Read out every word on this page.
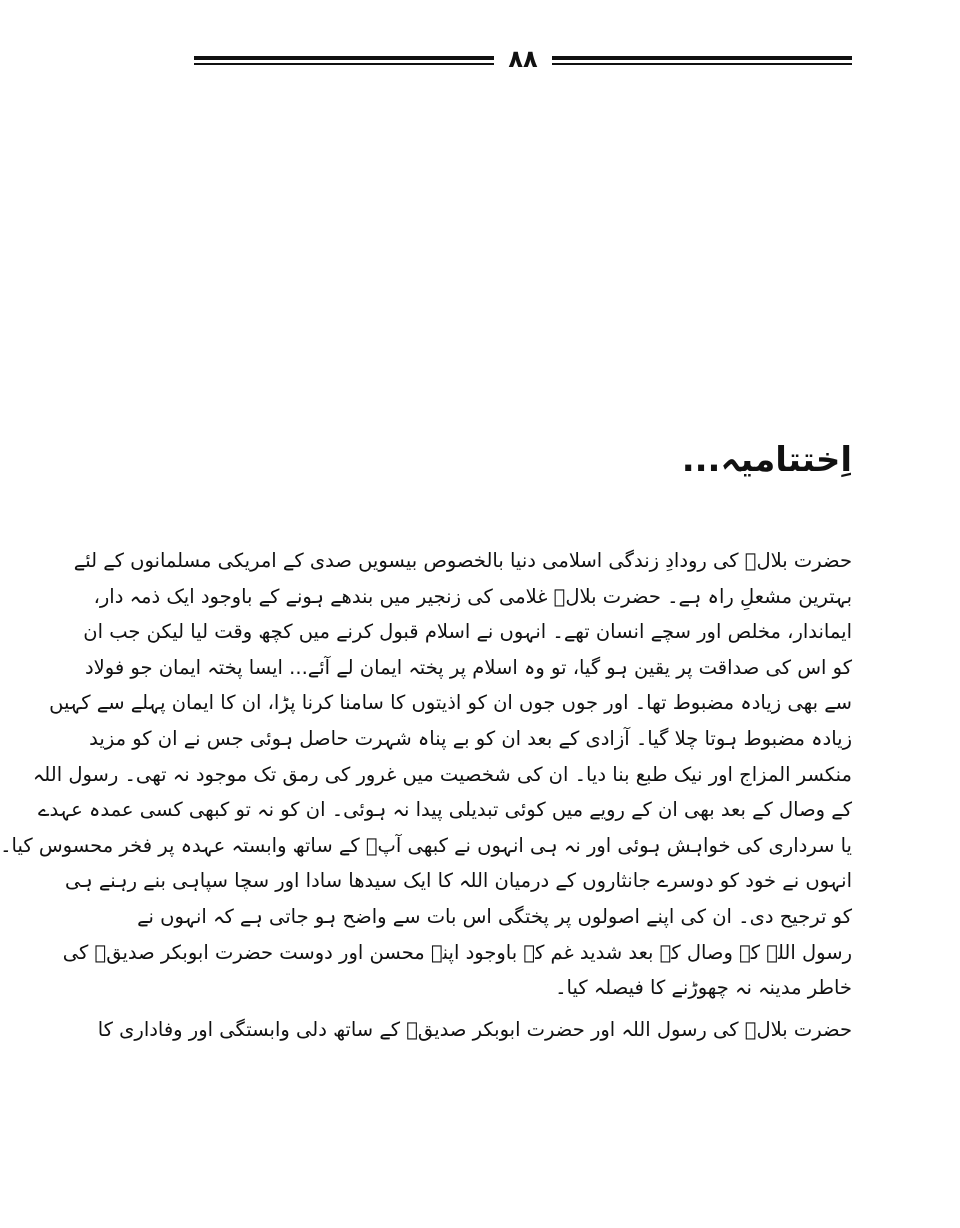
۸۸
اِختتامیہ...
حضرت بلالؓ کی رودادِ زندگی اسلامی دنیا بالخصوص بیسویں صدی کے امریکی مسلمانوں کے لئے
بہترین مشعلِ راہ ہے۔ حضرت بلالؓ غلامی کی زنجیر میں بندھے ہونے کے باوجود ایک ذمہ دار،
ایماندار، مخلص اور سچے انسان تھے۔ انہوں نے اسلام قبول کرنے میں کچھ وقت لیا لیکن جب ان
کو اس کی صداقت پر یقین ہو گیا، تو وہ اسلام پر پختہ ایمان لے آئے... ایسا پختہ ایمان جو فولاد
سے بھی زیادہ مضبوط تھا۔ اور جوں جوں ان کو اذیتوں کا سامنا کرنا پڑا، ان کا ایمان پہلے سے کہیں
زیادہ مضبوط ہوتا چلا گیا۔ آزادی کے بعد ان کو بے پناہ شہرت حاصل ہوئی جس نے ان کو مزید
منکسر المزاج اور نیک طبع بنا دیا۔ ان کی شخصیت میں غرور کی رمق تک موجود نہ تھی۔ رسول اللہ
کے وصال کے بعد بھی ان کے رویے میں کوئی تبدیلی پیدا نہ ہوئی۔ ان کو نہ تو کبھی کسی عمدہ عہدے
یا سرداری کی خواہش ہوئی اور نہ ہی انہوں نے کبھی آپؐ کے ساتھ وابستہ عہدہ پر فخر محسوس کیا۔
انہوں نے خود کو دوسرے جانثاروں کے درمیان اللہ کا ایک سیدھا سادا اور سچا سپاہی بنے رہنے ہی
کو ترجیح دی۔ ان کی اپنے اصولوں پر پختگی اس بات سے واضح ہو جاتی ہے کہ انہوں نے
رسول اللہ کے وصال کے بعد شدید غم کے باوجود اپنے محسن اور دوست حضرت ابوبکر صدیقؓ کی
خاطر مدینہ نہ چھوڑنے کا فیصلہ کیا۔
حضرت بلالؓ کی رسول اللہ اور حضرت ابوبکر صدیقؓ کے ساتھ دلی وابستگی اور وفاداری کا
